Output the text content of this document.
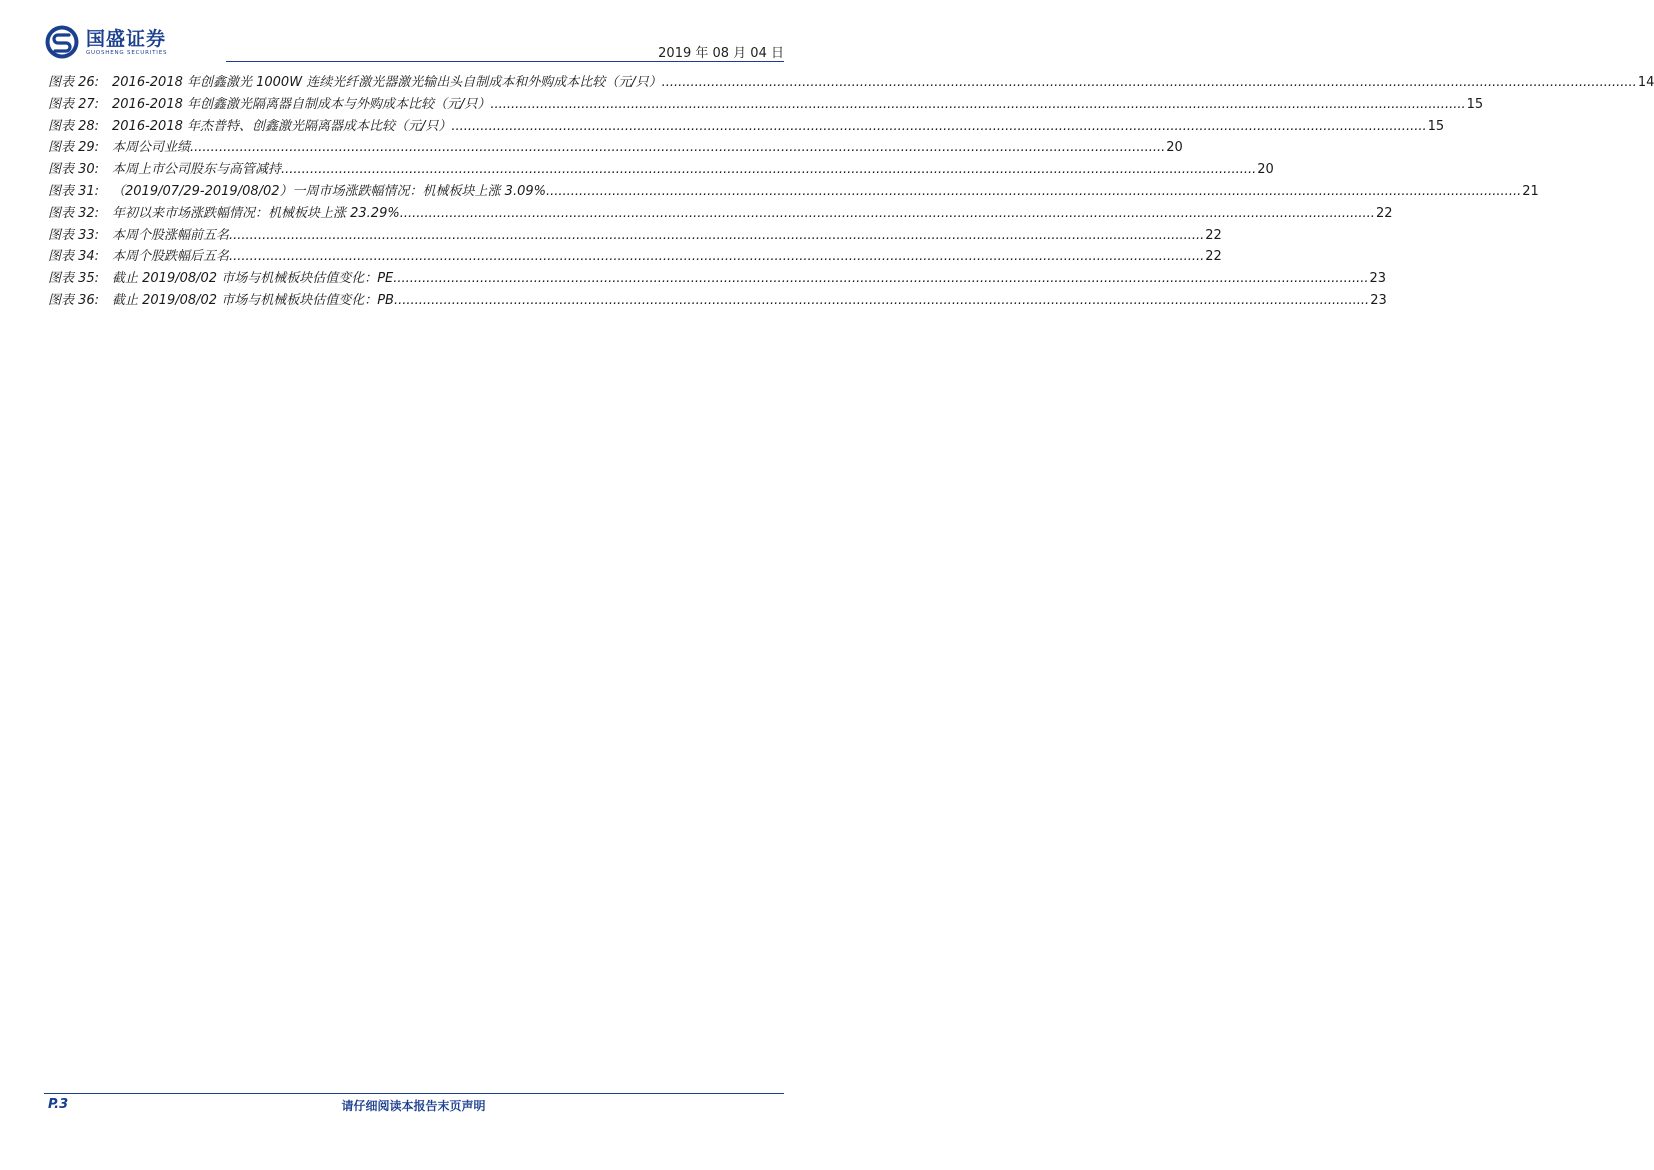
国盛证券
GUOSHENG SECURITIES	2019 年 08 月 04 日
图表 26: 2016-2018 年创鑫激光 1000W 连续光纤激光器激光输出头自制成本和外购成本比较（元/只） .....	14
图表 27: 2016-2018 年创鑫激光隔离器自制成本与外购成本比较（元/只） .....	15
图表 28: 2016-2018 年杰普特、创鑫激光隔离器成本比较（元/只） .....	15
图表 29: 本周公司业绩 .....	20
图表 30: 本周上市公司股东与高管减持 .....	20
图表 31: （2019/07/29-2019/08/02）一周市场涨跌幅情况：机械板块上涨 3.09% .....	21
图表 32: 年初以来市场涨跌幅情况：机械板块上涨 23.29% .....	22
图表 33: 本周个股涨幅前五名 .....	22
图表 34: 本周个股跌幅后五名 .....	22
图表 35: 截止 2019/08/02 市场与机械板块估值变化：PE .....	23
图表 36: 截止 2019/08/02 市场与机械板块估值变化：PB .....	23
P.3	请仔细阅读本报告末页声明
